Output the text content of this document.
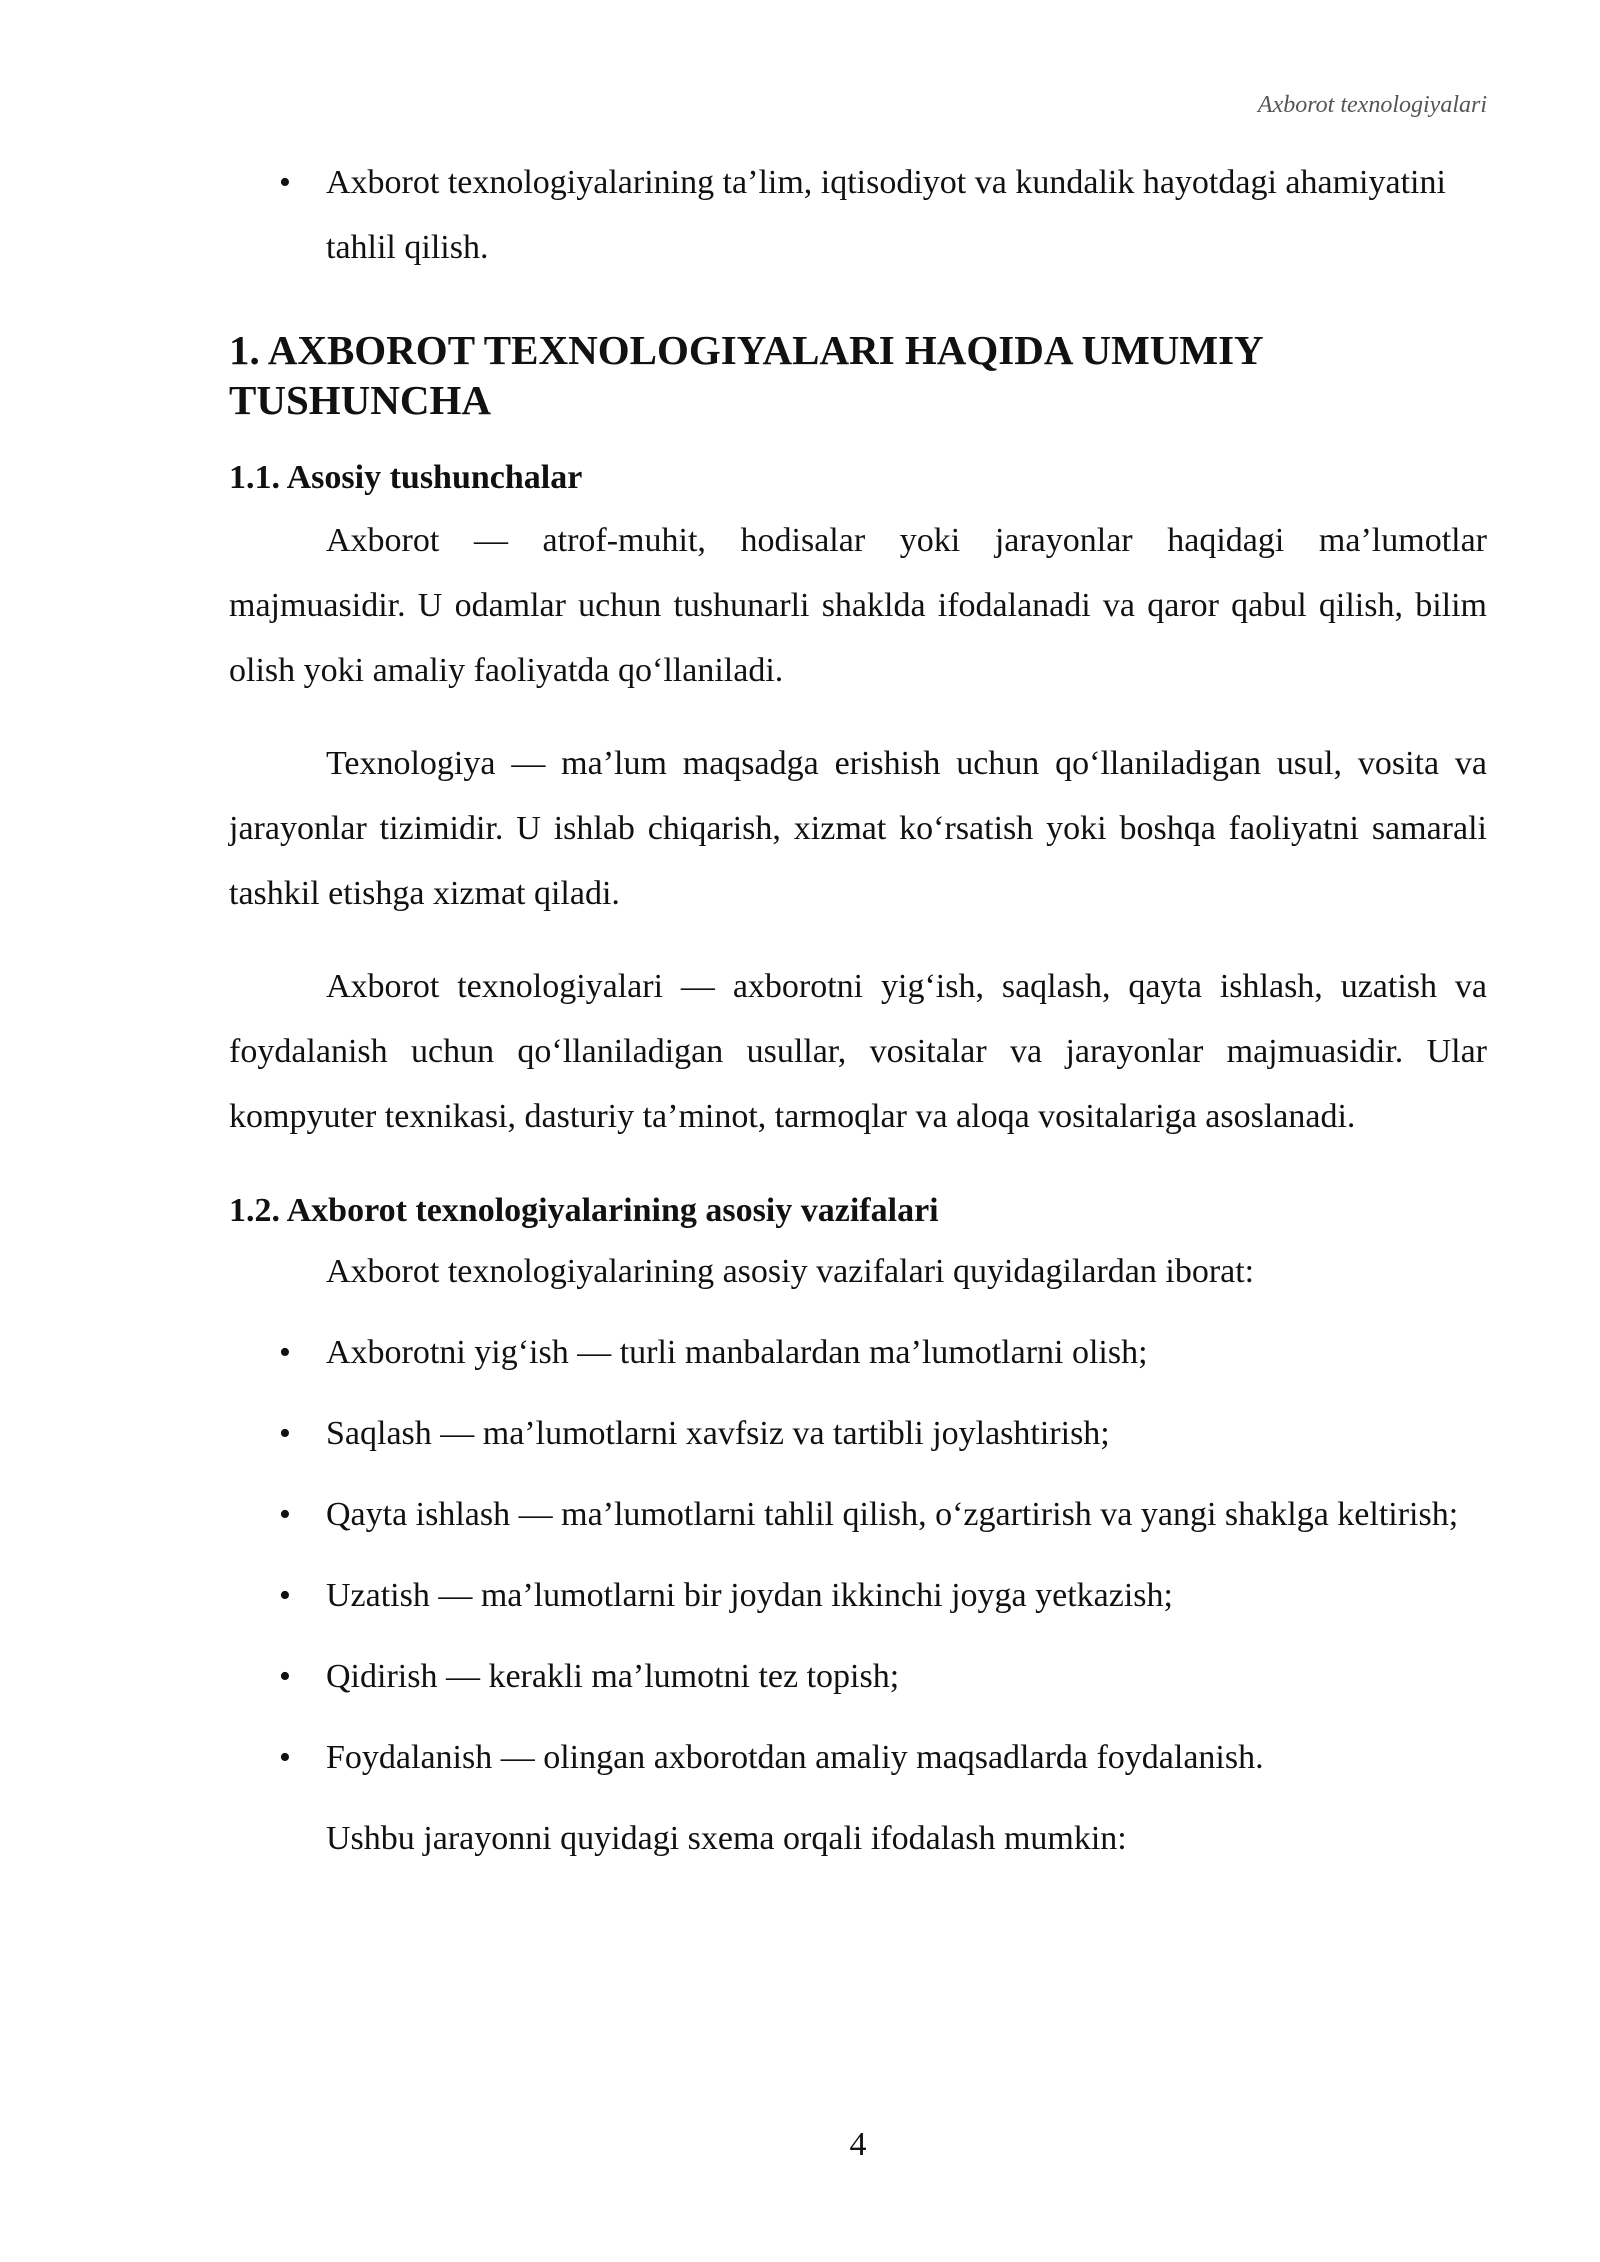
Axborot texnologiyalari
• Axborot texnologiyalarining ta’lim, iqtisodiyot va kundalik hayotdagi ahamiyatini tahlil qilish.
1. AXBOROT TEXNOLOGIYALARI HAQIDA UMUMIY TUSHUNCHA
1.1. Asosiy tushunchalar

Axborot — atrof-muhit, hodisalar yoki jarayonlar haqidagi ma’lumotlar majmuasidir. U odamlar uchun tushunarli shaklda ifodalanadi va qaror qabul qilish, bilim olish yoki amaliy faoliyatda qo‘llaniladi.

Texnologiya — ma’lum maqsadga erishish uchun qo‘llaniladigan usul, vosita va jarayonlar tizimidir. U ishlab chiqarish, xizmat ko‘rsatish yoki boshqa faoliyatni samarali tashkil etishga xizmat qiladi.

Axborot texnologiyalari — axborotni yig‘ish, saqlash, qayta ishlash, uzatish va foydalanish uchun qo‘llaniladigan usullar, vositalar va jarayonlar majmuasidir. Ular kompyuter texnikasi, dasturiy ta’minot, tarmoqlar va aloqa vositalariga asoslanadi.

1.2. Axborot texnologiyalarining asosiy vazifalari

Axborot texnologiyalarining asosiy vazifalari quyidagilardan iborat:

• Axborotni yig‘ish — turli manbalardan ma’lumotlarni olish;
• Saqlash — ma’lumotlarni xavfsiz va tartibli joylashtirish;
• Qayta ishlash — ma’lumotlarni tahlil qilish, o‘zgartirish va yangi shaklga keltirish;
• Uzatish — ma’lumotlarni bir joydan ikkinchi joyga yetkazish;
• Qidirish — kerakli ma’lumotni tez topish;
• Foydalanish — olingan axborotdan amaliy maqsadlarda foydalanish.

Ushbu jarayonni quyidagi sxema orqali ifodalash mumkin:

4
